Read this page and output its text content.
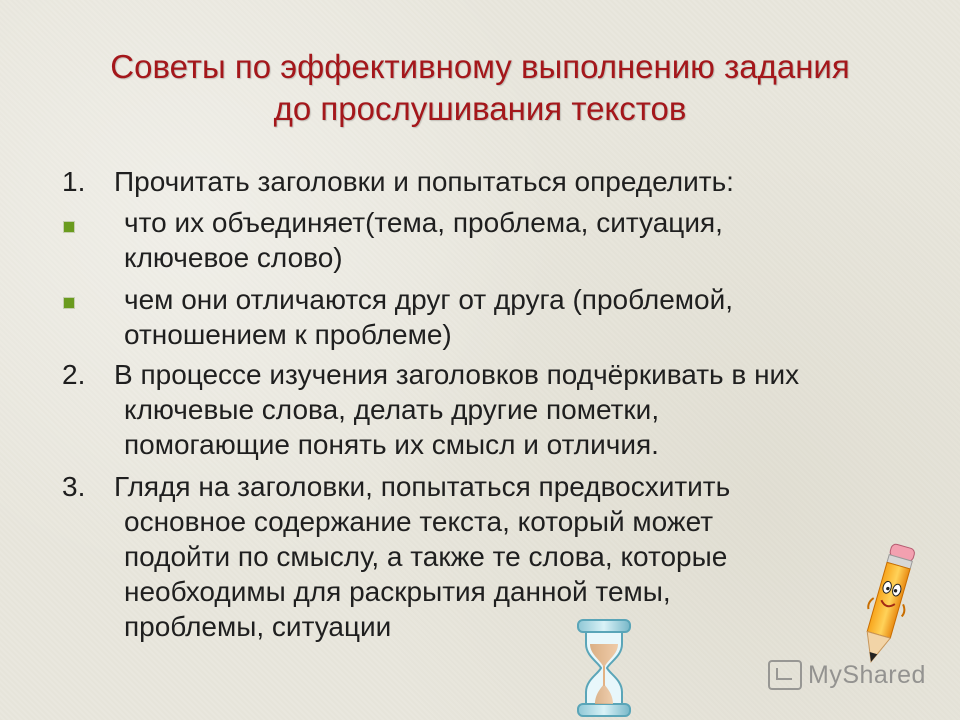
Советы по эффективному выполнению задания
до прослушивания текстов
1. Прочитать заголовки и попытаться определить:
что их объединяет(тема, проблема, ситуация,
ключевое слово)
чем они отличаются друг от друга (проблемой,
отношением к проблеме)
2. В процессе изучения заголовков подчёркивать в них
ключевые слова, делать другие пометки,
помогающие понять их смысл и отличия.
3. Глядя на заголовки, попытаться предвосхитить
основное содержание текста, который может
подойти по смыслу, а также те слова, которые
необходимы для раскрытия данной темы,
проблемы, ситуации
MyShared
